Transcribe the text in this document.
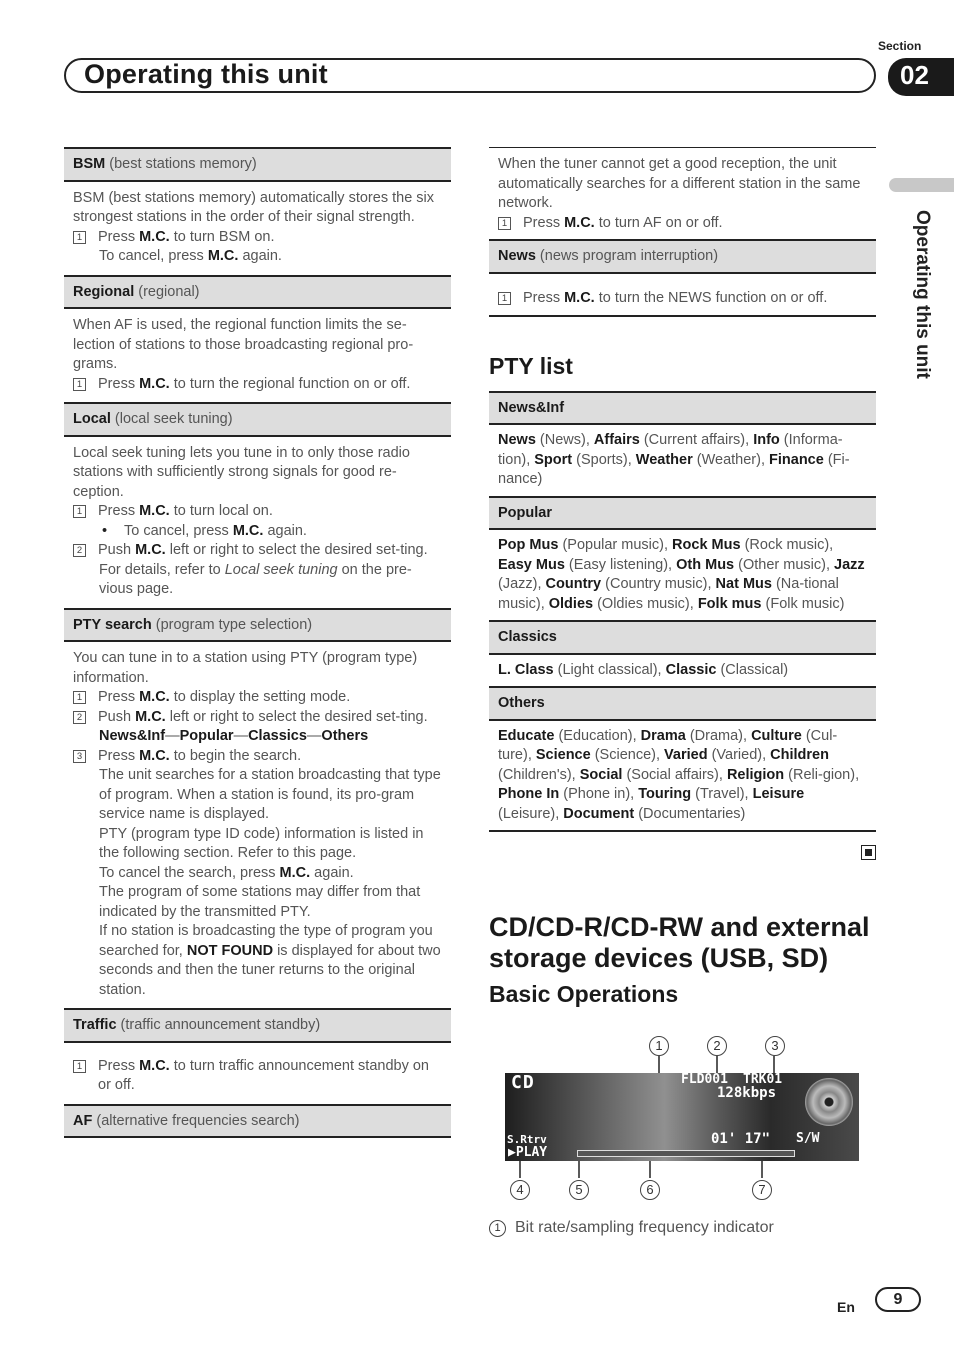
Section
Operating this unit	02
Operating this unit
BSM (best stations memory)
BSM (best stations memory) automatically stores the six strongest stations in the order of their signal strength.
1 Press M.C. to turn BSM on.
To cancel, press M.C. again.
Regional (regional)
When AF is used, the regional function limits the se-lection of stations to those broadcasting regional pro-grams.
1 Press M.C. to turn the regional function on or off.
Local (local seek tuning)
Local seek tuning lets you tune in to only those radio stations with sufficiently strong signals for good re-ception.
1 Press M.C. to turn local on.
•	To cancel, press M.C. again.
2 Push M.C. left or right to select the desired set-ting.
For details, refer to Local seek tuning on the pre-vious page.
PTY search (program type selection)
You can tune in to a station using PTY (program type) information.
1 Press M.C. to display the setting mode.
2 Push M.C. left or right to select the desired set-ting.
News&Inf—Popular—Classics—Others
3 Press M.C. to begin the search.
The unit searches for a station broadcasting that type of program. When a station is found, its pro-gram service name is displayed.
PTY (program type ID code) information is listed in the following section. Refer to this page.
To cancel the search, press M.C. again.
The program of some stations may differ from that indicated by the transmitted PTY.
If no station is broadcasting the type of program you searched for, NOT FOUND is displayed for about two seconds and then the tuner returns to the original station.
Traffic (traffic announcement standby)
1 Press M.C. to turn traffic announcement standby on or off.
AF (alternative frequencies search)
When the tuner cannot get a good reception, the unit automatically searches for a different station in the same network.
1 Press M.C. to turn AF on or off.
News (news program interruption)
1 Press M.C. to turn the NEWS function on or off.
PTY list
News&Inf
News (News), Affairs (Current affairs), Info (Informa-tion), Sport (Sports), Weather (Weather), Finance (Fi-nance)
Popular
Pop Mus (Popular music), Rock Mus (Rock music), Easy Mus (Easy listening), Oth Mus (Other music), Jazz (Jazz), Country (Country music), Nat Mus (Na-tional music), Oldies (Oldies music), Folk mus (Folk music)
Classics
L. Class (Light classical), Classic (Classical)
Others
Educate (Education), Drama (Drama), Culture (Cul-ture), Science (Science), Varied (Varied), Children (Children's), Social (Social affairs), Religion (Reli-gion), Phone In (Phone in), Touring (Travel), Leisure (Leisure), Document (Documentaries)
CD/CD-R/CD-RW and external storage devices (USB, SD)
Basic Operations
CD	FLD001 TRK01
128kbps
01' 17" S/W
S.Rtrv
▶PLAY
1	2	3
4	5	6	7
1 Bit rate/sampling frequency indicator
En	9
